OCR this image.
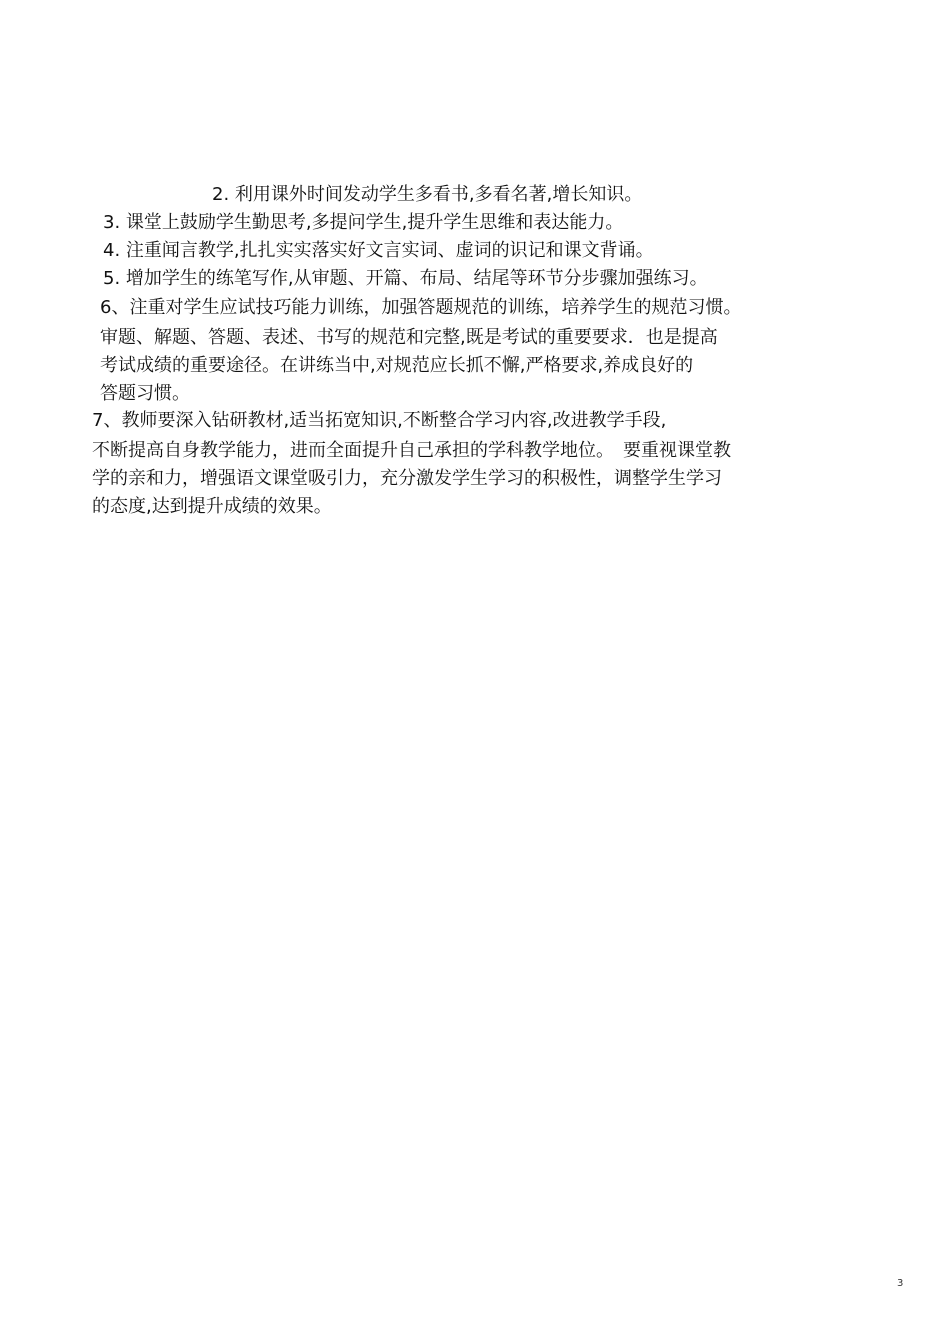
2. 利用课外时间发动学生多看书,多看名著,增长知识。
3. 课堂上鼓励学生勤思考,多提问学生,提升学生思维和表达能力。
4. 注重闻言教学,扎扎实实落实好文言实词、虚词的识记和课文背诵。
5. 增加学生的练笔写作,从审题、开篇、布局、结尾等环节分步骤加强练习。
6、注重对学生应试技巧能力训练，加强答题规范的训练，培养学生的规范习惯。
审题、解题、答题、表述、书写的规范和完整,既是考试的重要要求．也是提高
考试成绩的重要途径。在讲练当中,对规范应长抓不懈,严格要求,养成良好的
答题习惯。
7、教师要深入钻研教材,适当拓宽知识,不断整合学习内容,改进教学手段,
不断提高自身教学能力，进而全面提升自己承担的学科教学地位。　要重视课堂教
学的亲和力，增强语文课堂吸引力，充分激发学生学习的积极性，调整学生学习
的态度,达到提升成绩的效果。
3
